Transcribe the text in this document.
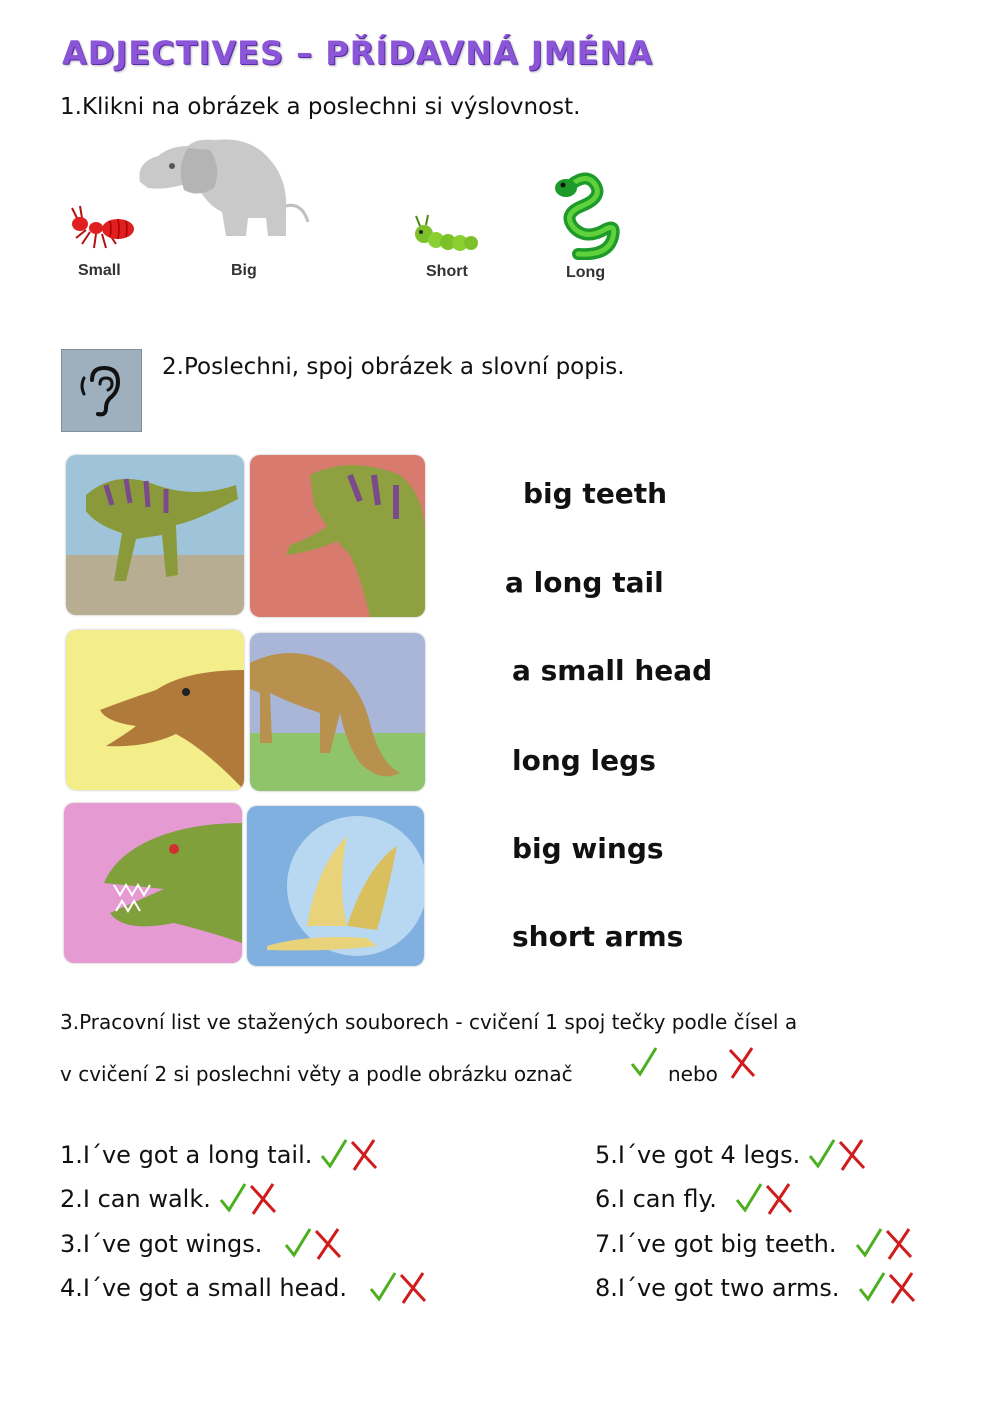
ADJECTIVES – PŘÍDAVNÁ JMÉNA
1.Klikni na obrázek a poslechni si výslovnost.
Small	Big	Short	Long
2.Poslechni, spoj obrázek a slovní popis.
big teeth
a long tail
a small head
long legs
big wings
short arms
3.Pracovní list ve stažených souborech - cvičení 1 spoj tečky podle čísel a
v cvičení 2 si poslechni věty a podle obrázku označ	nebo
1.I´ve got a long tail.
2.I can walk.
3.I´ve got wings.
4.I´ve got a small head.
5.I´ve got 4 legs.
6.I can fly.
7.I´ve got big teeth.
8.I´ve got two arms.
